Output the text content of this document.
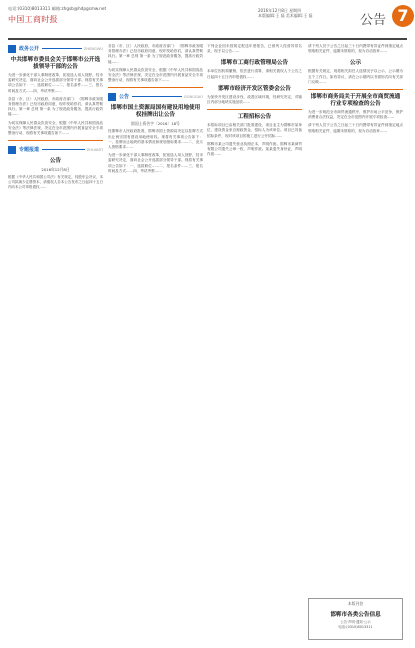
电话:(0310)8013311 邮箱:zhgsb@hdpgsmw.net
中国工商时报
2016年12月8日 星期四
本版编辑:王 磊 美术编辑:王 磊	公告 7
政务公开	ZHENGWU
中共邯郸市委员会关于邯郸市公开选拔领导干部的公告
为进一步深化干部人事制度改革，拓宽选人用人视野，经市委研究决定，面向社会公开选拔部分领导干部。现将有关事项公告如下：一、选拔职位……二、报名条件……三、报名时间及方式……四、考试考察……
各县（市、区）人民政府，市政府各部门：《邯郸市政务服务管理办法》已经市政府同意，现印发给你们，请认真贯彻执行。第一章 总则 第一条 为了规范政务服务，提高行政效能……
为切实保障人民群众饮食安全，根据《中华人民共和国食品安全法》等法律法规，决定在全市范围内开展食品安全专项整治行动，现将有关事项通告如下……
专题报道	ZHUANTI
公告
2016年12月8日
根据《中华人民共和国公司法》有关规定，经股东会决议，本公司拟减少注册资本，请债权人自本公告发布之日起四十五日内向本公司申报债权……
各县（市、区）人民政府，市政府各部门：《邯郸市政务服务管理办法》已经市政府同意，现印发给你们，请认真贯彻执行。第一章 总则 第一条 为了规范政务服务，提高行政效能……
为切实保障人民群众饮食安全，根据《中华人民共和国食品安全法》等法律法规，决定在全市范围内开展食品安全专项整治行动，现将有关事项通告如下……
公告	GONGGAO
邯郸市国土资源局国有建设用地使用权挂牌出让公告
邯国土资告字〔2016〕18号
经邯郸市人民政府批准，邯郸市国土资源局决定以挂牌方式出让两宗国有建设用地使用权。现将有关事项公告如下：一、挂牌出让地块的基本情况和规划指标要求……二、竞买人资格要求……
为进一步深化干部人事制度改革，拓宽选人用人视野，经市委研究决定，面向社会公开选拔部分领导干部。现将有关事项公告如下：一、选拔职位……二、报名条件……三、报名时间及方式……四、考试考察……
下列企业因未按规定报送年度报告，已被列入经营异常名录，现予以公告……
邯郸市工商行政管理局公告
本单位因机构撤销，依法进行清算，请相关债权人于公告之日起四十五日内申报债权……
邯郸市经济开发区管委会公告
为加快开发区建设步伐，改善区域环境，经研究决定，对辖区内部分地块实施征收……
工程招标公告
本招标项目已由相关部门批准建设，项目业主为邯郸市某单位，建设资金来自财政资金，招标人为该单位。项目已具备招标条件，现对该项目的施工进行公开招标……
邯郸市某公司遗失营业执照正本，声明作废。邯郸市某商贸有限公司遗失公章一枚，声明作废。某某遗失身份证，声明作废……
请下列人员于公告之日起三十日内携带有效证件到指定地点领取相关证件，逾期未领取的，视为自动放弃……
公示
根据有关规定，现将相关拟任人选情况予以公示，公示期为五个工作日。如有异议，请在公示期内以书面形式向有关部门反映……
邯郸市商务局关于开展全市商贸流通行业专项检查的公告
为进一步规范全市商贸流通秩序，维护市场公平竞争，保护消费者合法权益，决定在全市范围内开展专项检查……
请下列人员于公告之日起三十日内携带有效证件到指定地点领取相关证件，逾期未领取的，视为自动放弃……
本版刊登
邯郸市各类公告信息
公告·声明·通知·公示
电话:(0310)8013311
